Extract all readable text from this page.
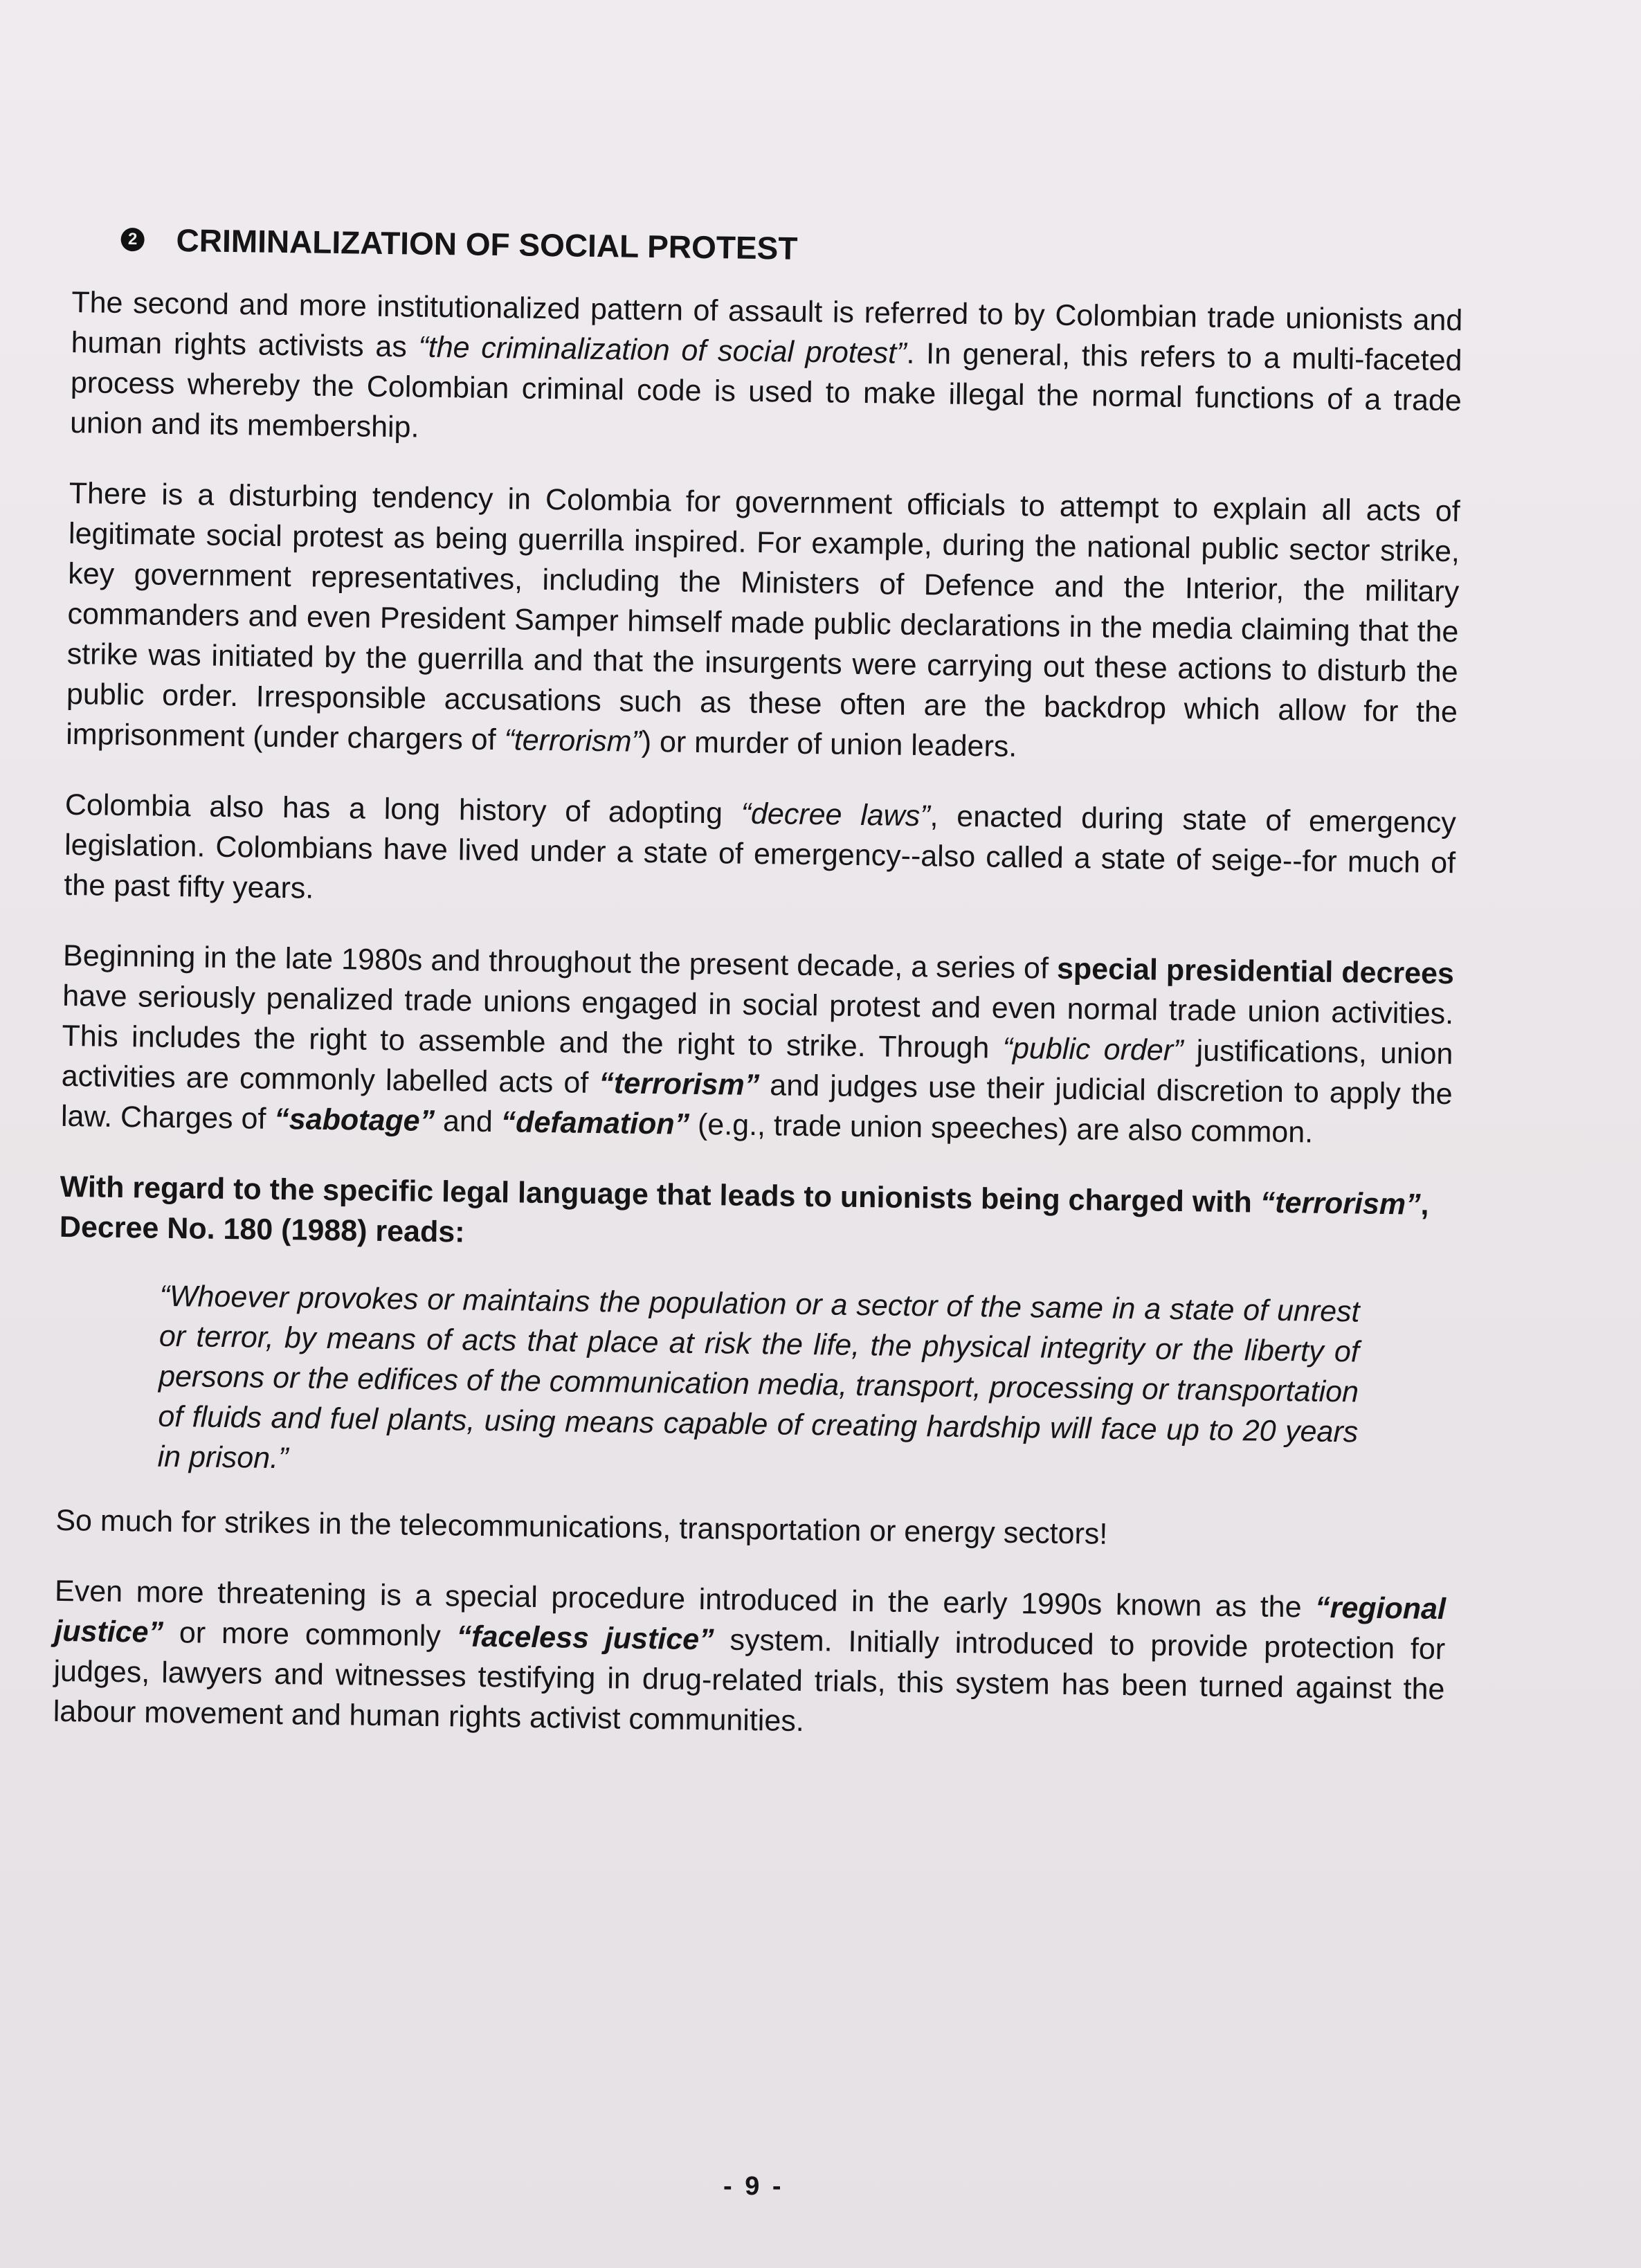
2 CRIMINALIZATION OF SOCIAL PROTEST

The second and more institutionalized pattern of assault is referred to by Colombian trade unionists and human rights activists as “the criminalization of social protest”. In general, this refers to a multi-faceted process whereby the Colombian criminal code is used to make illegal the normal functions of a trade union and its membership.

There is a disturbing tendency in Colombia for government officials to attempt to explain all acts of legitimate social protest as being guerrilla inspired. For example, during the national public sector strike, key government representatives, including the Ministers of Defence and the Interior, the military commanders and even President Samper himself made public declarations in the media claiming that the strike was initiated by the guerrilla and that the insurgents were carrying out these actions to disturb the public order. Irresponsible accusations such as these often are the backdrop which allow for the imprisonment (under chargers of “terrorism”) or murder of union leaders.

Colombia also has a long history of adopting “decree laws”, enacted during state of emergency legislation. Colombians have lived under a state of emergency--also called a state of seige--for much of the past fifty years.

Beginning in the late 1980s and throughout the present decade, a series of special presidential decrees have seriously penalized trade unions engaged in social protest and even normal trade union activities. This includes the right to assemble and the right to strike. Through “public order” justifications, union activities are commonly labelled acts of “terrorism” and judges use their judicial discretion to apply the law. Charges of “sabotage” and “defamation” (e.g., trade union speeches) are also common.

With regard to the specific legal language that leads to unionists being charged with “terrorism”, Decree No. 180 (1988) reads:

“Whoever provokes or maintains the population or a sector of the same in a state of unrest or terror, by means of acts that place at risk the life, the physical integrity or the liberty of persons or the edifices of the communication media, transport, processing or transportation of fluids and fuel plants, using means capable of creating hardship will face up to 20 years in prison.”

So much for strikes in the telecommunications, transportation or energy sectors!

Even more threatening is a special procedure introduced in the early 1990s known as the “regional justice” or more commonly “faceless justice” system. Initially introduced to provide protection for judges, lawyers and witnesses testifying in drug-related trials, this system has been turned against the labour movement and human rights activist communities.

- 9 -
